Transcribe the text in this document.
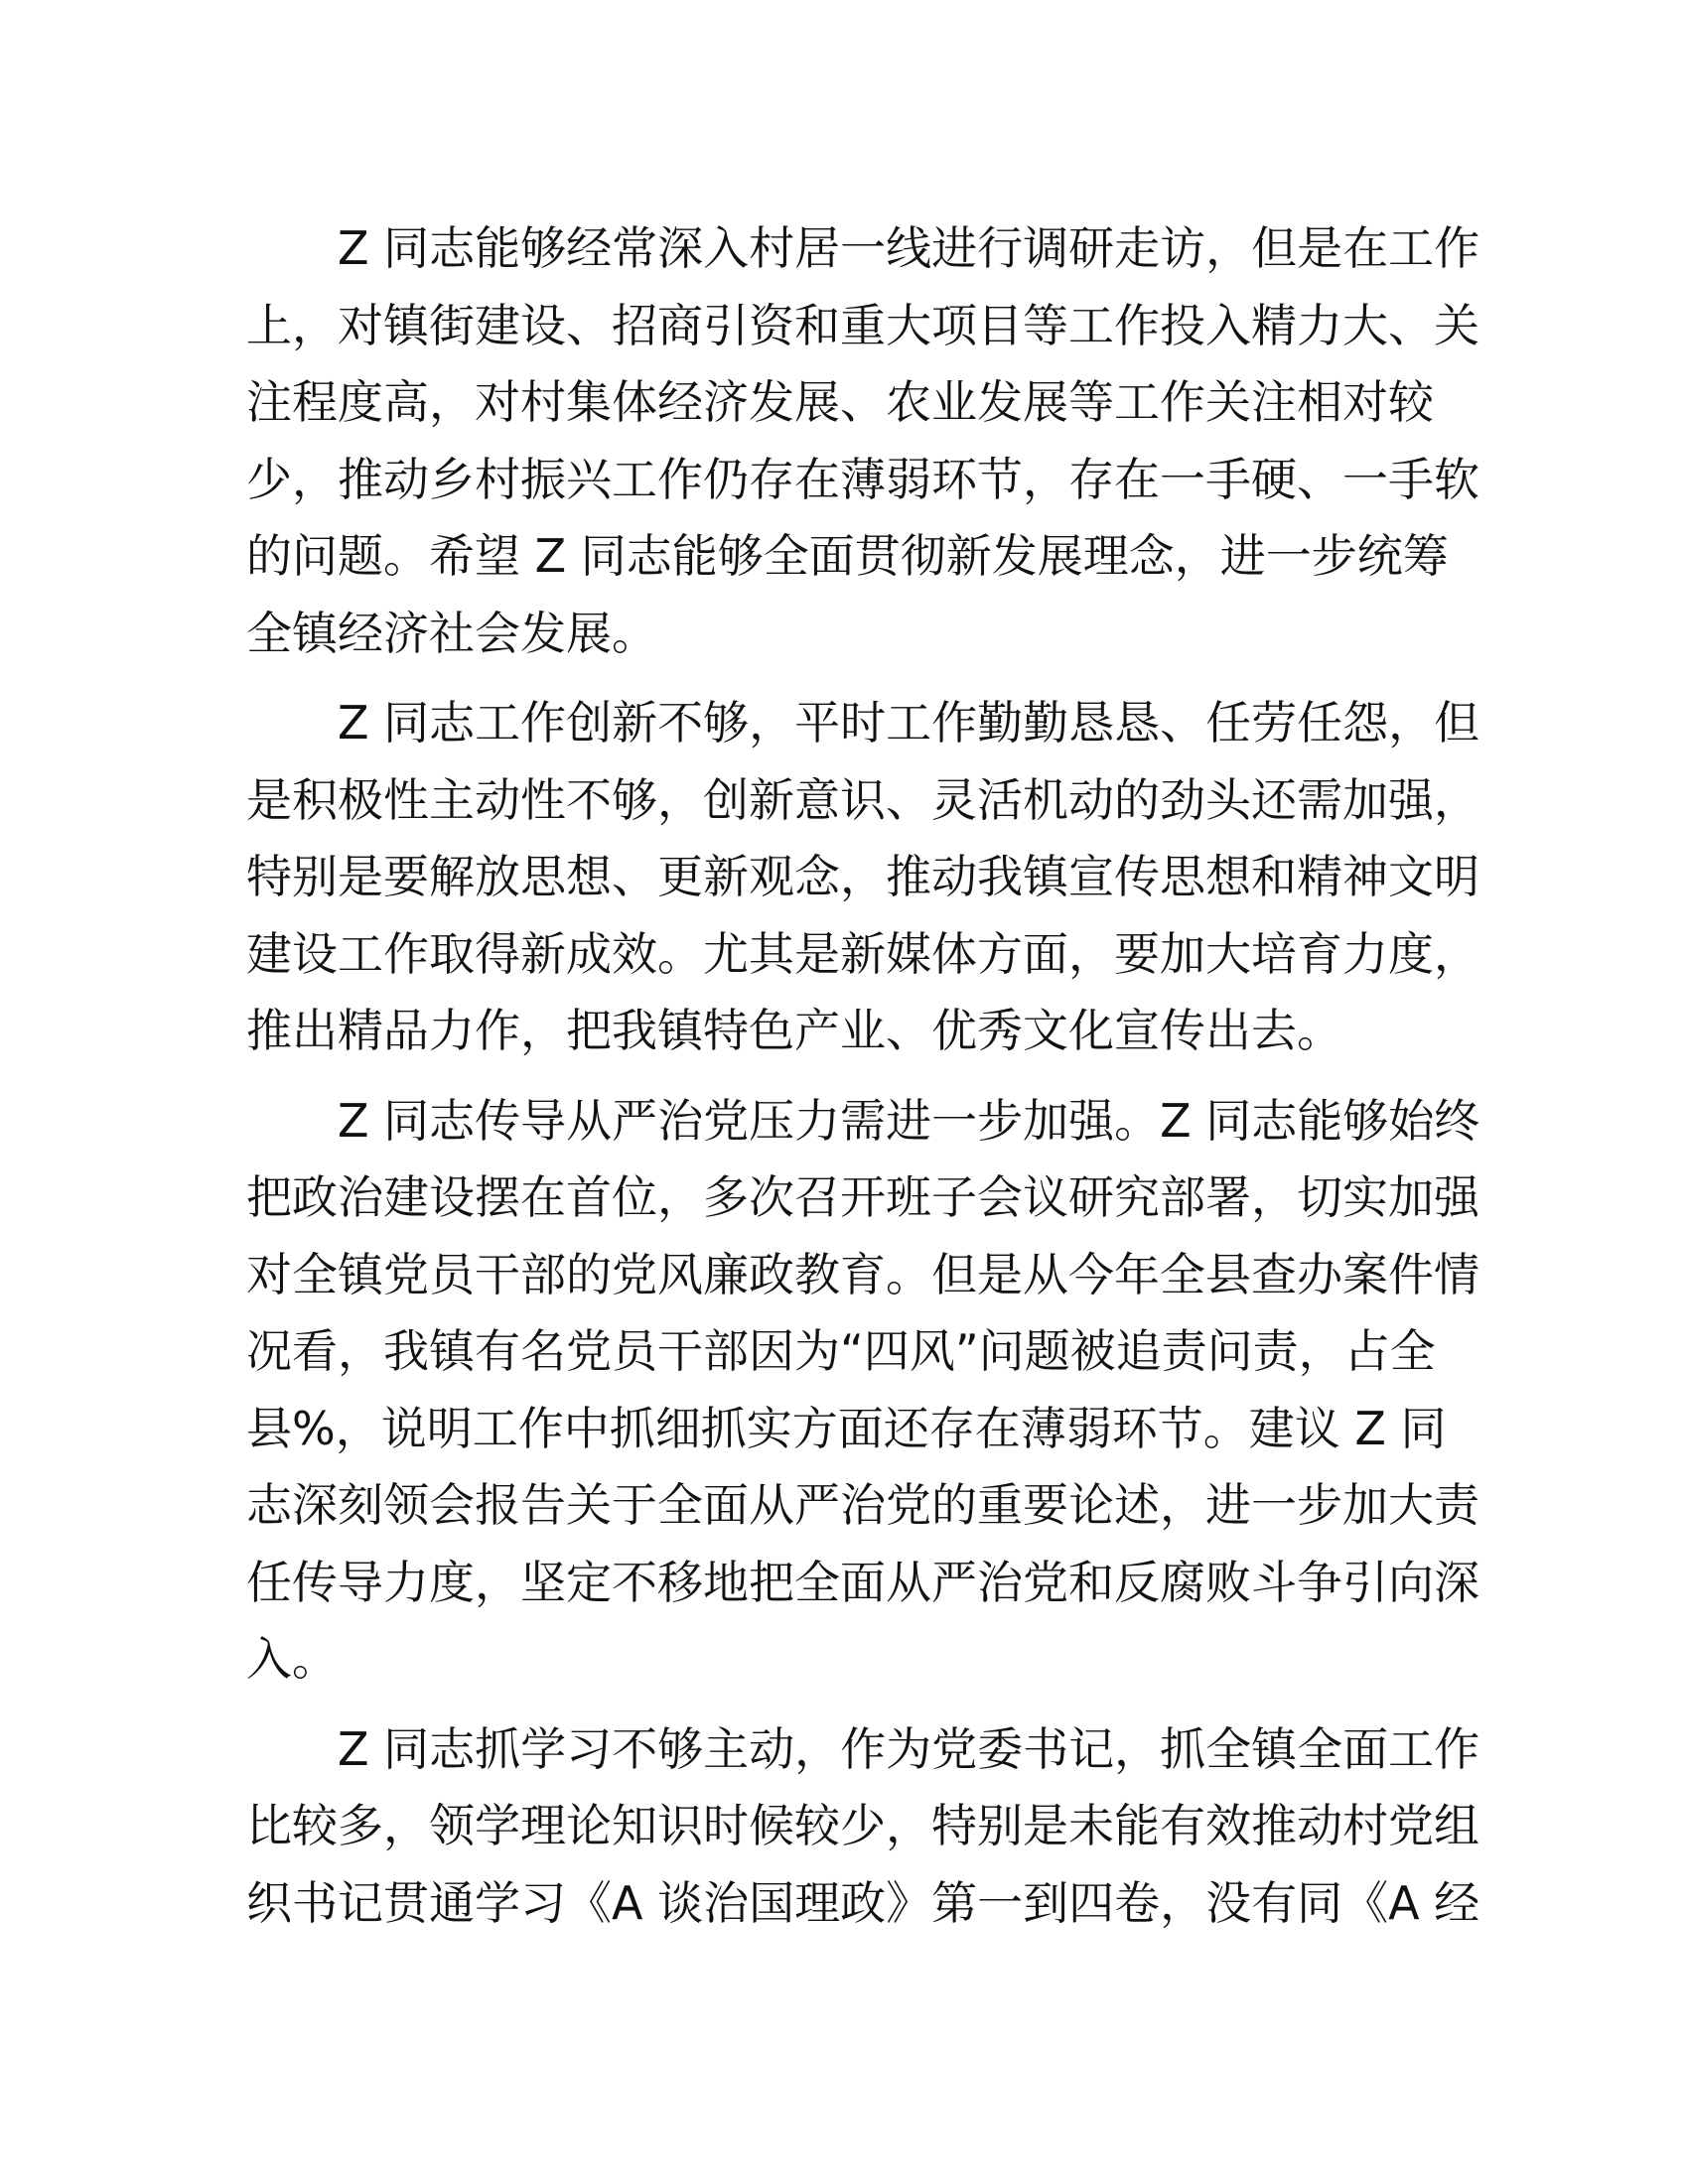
Z 同志能够经常深入村居一线进行调研走访，但是在工作
上，对镇街建设、招商引资和重大项目等工作投入精力大、关
注程度高，对村集体经济发展、农业发展等工作关注相对较
少，推动乡村振兴工作仍存在薄弱环节，存在一手硬、一手软
的问题。希望 Z 同志能够全面贯彻新发展理念，进一步统筹
全镇经济社会发展。
Z 同志工作创新不够，平时工作勤勤恳恳、任劳任怨，但
是积极性主动性不够，创新意识、灵活机动的劲头还需加强，
特别是要解放思想、更新观念，推动我镇宣传思想和精神文明
建设工作取得新成效。尤其是新媒体方面，要加大培育力度，
推出精品力作，把我镇特色产业、优秀文化宣传出去。
Z 同志传导从严治党压力需进一步加强。Z 同志能够始终
把政治建设摆在首位，多次召开班子会议研究部署，切实加强
对全镇党员干部的党风廉政教育。但是从今年全县查办案件情
况看，我镇有名党员干部因为“四风”问题被追责问责，占全
县%，说明工作中抓细抓实方面还存在薄弱环节。建议 Z 同
志深刻领会报告关于全面从严治党的重要论述，进一步加大责
任传导力度，坚定不移地把全面从严治党和反腐败斗争引向深
入。
Z 同志抓学习不够主动，作为党委书记，抓全镇全面工作
比较多，领学理论知识时候较少，特别是未能有效推动村党组
织书记贯通学习《A 谈治国理政》第一到四卷，没有同《A 经
